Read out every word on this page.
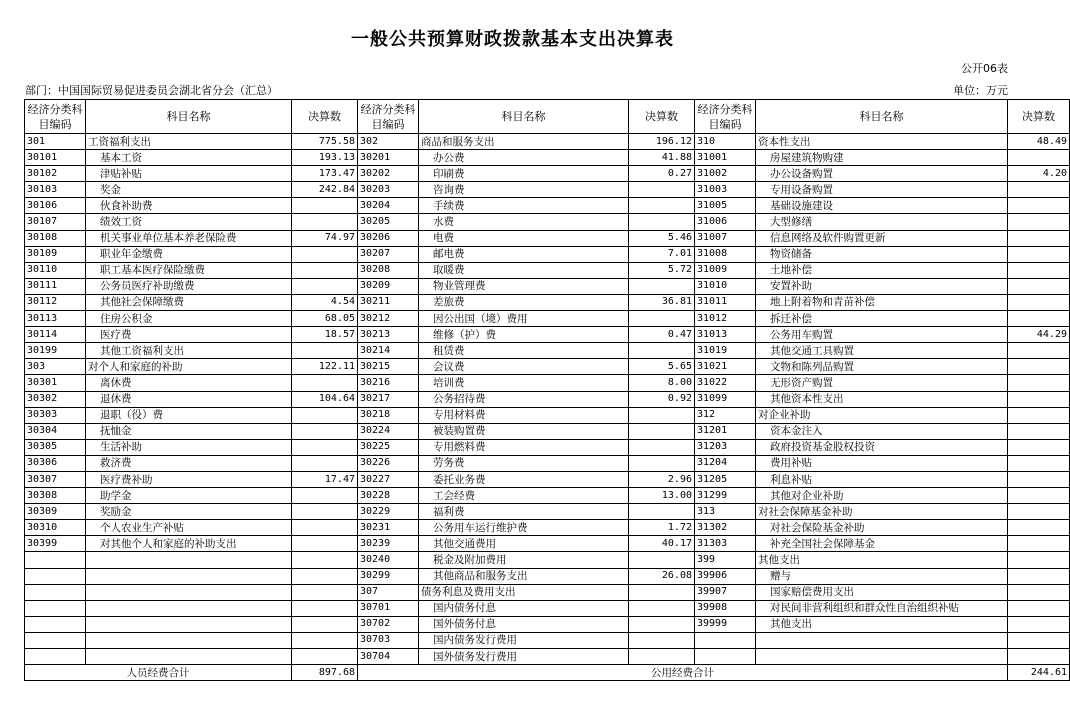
一般公共预算财政拨款基本支出决算表
公开06表
部门：中国国际贸易促进委员会湖北省分会（汇总）	单位：万元
经济分类科目编码	科目名称	决算数	经济分类科目编码	科目名称	决算数	经济分类科目编码	科目名称	决算数
301	工资福利支出	775.58	302	商品和服务支出	196.12	310	资本性支出	48.49
30101	基本工资	193.13	30201	办公费	41.88	31001	房屋建筑物购建	
30102	津贴补贴	173.47	30202	印刷费	0.27	31002	办公设备购置	4.20
30103	奖金	242.84	30203	咨询费		31003	专用设备购置	
30106	伙食补助费		30204	手续费		31005	基础设施建设	
30107	绩效工资		30205	水费		31006	大型修缮	
30108	机关事业单位基本养老保险费	74.97	30206	电费	5.46	31007	信息网络及软件购置更新	
30109	职业年金缴费		30207	邮电费	7.01	31008	物资储备	
30110	职工基本医疗保险缴费		30208	取暖费	5.72	31009	土地补偿	
30111	公务员医疗补助缴费		30209	物业管理费		31010	安置补助	
30112	其他社会保障缴费	4.54	30211	差旅费	36.81	31011	地上附着物和青苗补偿	
30113	住房公积金	68.05	30212	因公出国（境）费用		31012	拆迁补偿	
30114	医疗费	18.57	30213	维修（护）费	0.47	31013	公务用车购置	44.29
30199	其他工资福利支出		30214	租赁费		31019	其他交通工具购置	
303	对个人和家庭的补助	122.11	30215	会议费	5.65	31021	文物和陈列品购置	
30301	离休费		30216	培训费	8.00	31022	无形资产购置	
30302	退休费	104.64	30217	公务招待费	0.92	31099	其他资本性支出	
30303	退职（役）费		30218	专用材料费		312	对企业补助	
30304	抚恤金		30224	被装购置费		31201	资本金注入	
30305	生活补助		30225	专用燃料费		31203	政府投资基金股权投资	
30306	救济费		30226	劳务费		31204	费用补贴	
30307	医疗费补助	17.47	30227	委托业务费	2.96	31205	利息补贴	
30308	助学金		30228	工会经费	13.00	31299	其他对企业补助	
30309	奖励金		30229	福利费		313	对社会保障基金补助	
30310	个人农业生产补贴		30231	公务用车运行维护费	1.72	31302	对社会保险基金补助	
30399	对其他个人和家庭的补助支出		30239	其他交通费用	40.17	31303	补充全国社会保障基金	
			30240	税金及附加费用		399	其他支出	
			30299	其他商品和服务支出	26.08	39906	赠与	
			307	债务利息及费用支出		39907	国家赔偿费用支出	
			30701	国内债务付息		39908	对民间非营利组织和群众性自治组织补贴	
			30702	国外债务付息		39999	其他支出	
			30703	国内债务发行费用				
			30704	国外债务发行费用				
人员经费合计		897.68	公用经费合计					244.61
